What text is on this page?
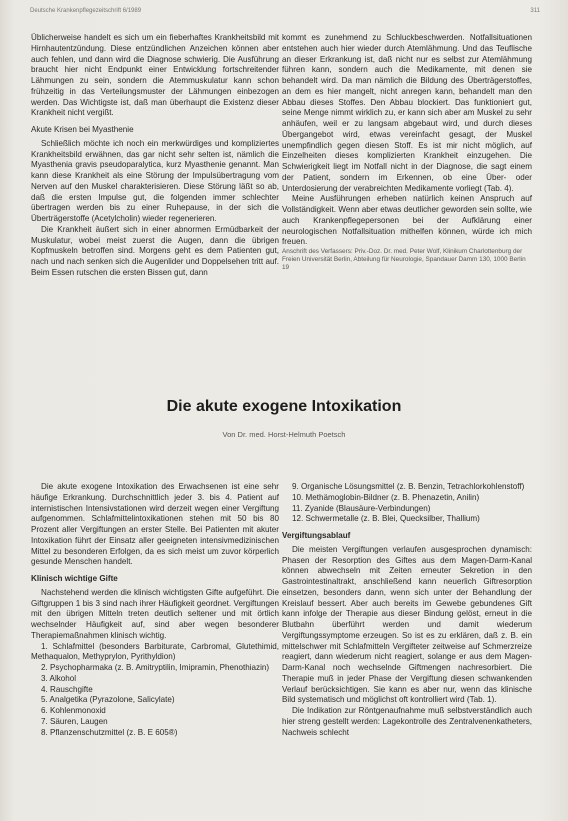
Deutsche Krankenpflegezeitschrift 6/1989	311

Üblicherweise handelt es sich um ein fieberhaftes Krankheitsbild mit Hirnhautentzündung. Diese entzündlichen Anzeichen können aber auch fehlen, und dann wird die Diagnose schwierig. Die Ausführung braucht hier nicht Endpunkt einer Entwicklung fortschreitender Lähmungen zu sein, sondern die Atemmuskulatur kann schon frühzeitig in das Verteilungsmuster der Lähmungen einbezogen werden. Das Wichtigste ist, daß man überhaupt die Existenz dieser Krankheit nicht vergißt.

Akute Krisen bei Myasthenie

Schließlich möchte ich noch ein merkwürdiges und kompliziertes Krankheitsbild erwähnen, das gar nicht sehr selten ist, nämlich die Myasthenia gravis pseudoparalytica, kurz Myasthenie genannt. Man kann diese Krankheit als eine Störung der Impulsübertragung vom Nerven auf den Muskel charakterisieren. Diese Störung läßt so ab, daß die ersten Impulse gut, die folgenden immer schlechter übertragen werden bis zu einer Ruhepause, in der sich die Überträgerstoffe (Acetylcholin) wieder regenerieren.

Die Krankheit äußert sich in einer abnormen Ermüdbarkeit der Muskulatur, wobei meist zuerst die Augen, dann die übrigen Kopfmuskeln betroffen sind. Morgens geht es dem Patienten gut, nach und nach senken sich die Augenlider und Doppelsehen tritt auf. Beim Essen rutschen die ersten Bissen gut, dann

kommt es zunehmend zu Schluckbeschwerden. Notfallsituationen entstehen auch hier wieder durch Atemlähmung. Und das Teuflische an dieser Erkrankung ist, daß nicht nur es selbst zur Atemlähmung führen kann, sondern auch die Medikamente, mit denen sie behandelt wird. Da man nämlich die Bildung des Überträgerstoffes, an dem es hier mangelt, nicht anregen kann, behandelt man den Abbau dieses Stoffes. Den Abbau blockiert. Das funktioniert gut, seine Menge nimmt wirklich zu, er kann sich aber am Muskel zu sehr anhäufen, weil er zu langsam abgebaut wird, und durch dieses Übergangebot wird, etwas vereinfacht gesagt, der Muskel unempfindlich gegen diesen Stoff. Es ist mir nicht möglich, auf Einzelheiten dieses komplizierten Krankheit einzugehen. Die Schwierigkeit liegt im Notfall nicht in der Diagnose, die sagt einem der Patient, sondern im Erkennen, ob eine Über- oder Unterdosierung der verabreichten Medikamente vorliegt (Tab. 4).

Meine Ausführungen erheben natürlich keinen Anspruch auf Vollständigkeit. Wenn aber etwas deutlicher geworden sein sollte, wie auch Krankenpflegepersonen bei der Aufklärung einer neurologischen Notfallsituation mithelfen können, würde ich mich freuen.

Anschrift des Verfassers: Priv.-Doz. Dr. med. Peter Wolf, Klinikum Charlottenburg der Freien Universität Berlin, Abteilung für Neurologie, Spandauer Damm 130, 1000 Berlin 19

Die akute exogene Intoxikation
Von Dr. med. Horst-Helmuth Poetsch

Die akute exogene Intoxikation des Erwachsenen ist eine sehr häufige Erkrankung. Durchschnittlich jeder 3. bis 4. Patient auf internistischen Intensivstationen wird derzeit wegen einer Vergiftung aufgenommen. Schlafmittelintoxikationen stehen mit 50 bis 80 Prozent aller Vergiftungen an erster Stelle. Bei Patienten mit akuter Intoxikation führt der Einsatz aller geeigneten intensivmedizinischen Mittel zu besonderen Erfolgen, da es sich meist um zuvor körperlich gesunde Menschen handelt.

Klinisch wichtige Gifte

Nachstehend werden die klinisch wichtigsten Gifte aufgeführt. Die Giftgruppen 1 bis 3 sind nach ihrer Häufigkeit geordnet. Vergiftungen mit den übrigen Mitteln treten deutlich seltener und mit örtlich wechselnder Häufigkeit auf, sind aber wegen besonderer Therapiemaßnahmen klinisch wichtig.

1. Schlafmittel (besonders Barbiturate, Carbromal, Glutethimid, Methaqualon, Methyprylon, Pyrithyldion)
2. Psychopharmaka (z. B. Amitryptilin, Imipramin, Phenothiazin)
3. Alkohol
4. Rauschgifte
5. Analgetika (Pyrazolone, Salicylate)
6. Kohlenmonoxid
7. Säuren, Laugen
8. Pflanzenschutzmittel (z. B. E 605®)
9. Organische Lösungsmittel (z. B. Benzin, Tetrachlorkohlenstoff)
10. Methämoglobin-Bildner (z. B. Phenazetin, Anilin)
11. Zyanide (Blausäure-Verbindungen)
12. Schwermetalle (z. B. Blei, Quecksilber, Thallium)
Vergiftungsablauf

Die meisten Vergiftungen verlaufen ausgesprochen dynamisch: Phasen der Resorption des Giftes aus dem Magen-Darm-Kanal können abwechseln mit Zeiten erneuter Sekretion in den Gastrointestinaltrakt, anschließend kann neuerlich Giftresorption einsetzen, besonders dann, wenn sich unter der Behandlung der Kreislauf bessert. Aber auch bereits im Gewebe gebundenes Gift kann infolge der Therapie aus dieser Bindung gelöst, erneut in die Blutbahn überführt werden und damit wiederum Vergiftungssymptome erzeugen. So ist es zu erklären, daß z. B. ein mittelschwer mit Schlafmitteln Vergifteter zeitweise auf Schmerzreize reagiert, dann wiederum nicht reagiert, solange er aus dem Magen-Darm-Kanal noch wechselnde Giftmengen nachresorbiert. Die Therapie muß in jeder Phase der Vergiftung diesen schwankenden Verlauf berücksichtigen. Sie kann es aber nur, wenn das klinische Bild systematisch und möglichst oft kontrolliert wird (Tab. 1).

Die Indikation zur Röntgenaufnahme muß selbstverständlich auch hier streng gestellt werden: Lagekontrolle des Zentralvenenkatheters, Nachweis schlecht
